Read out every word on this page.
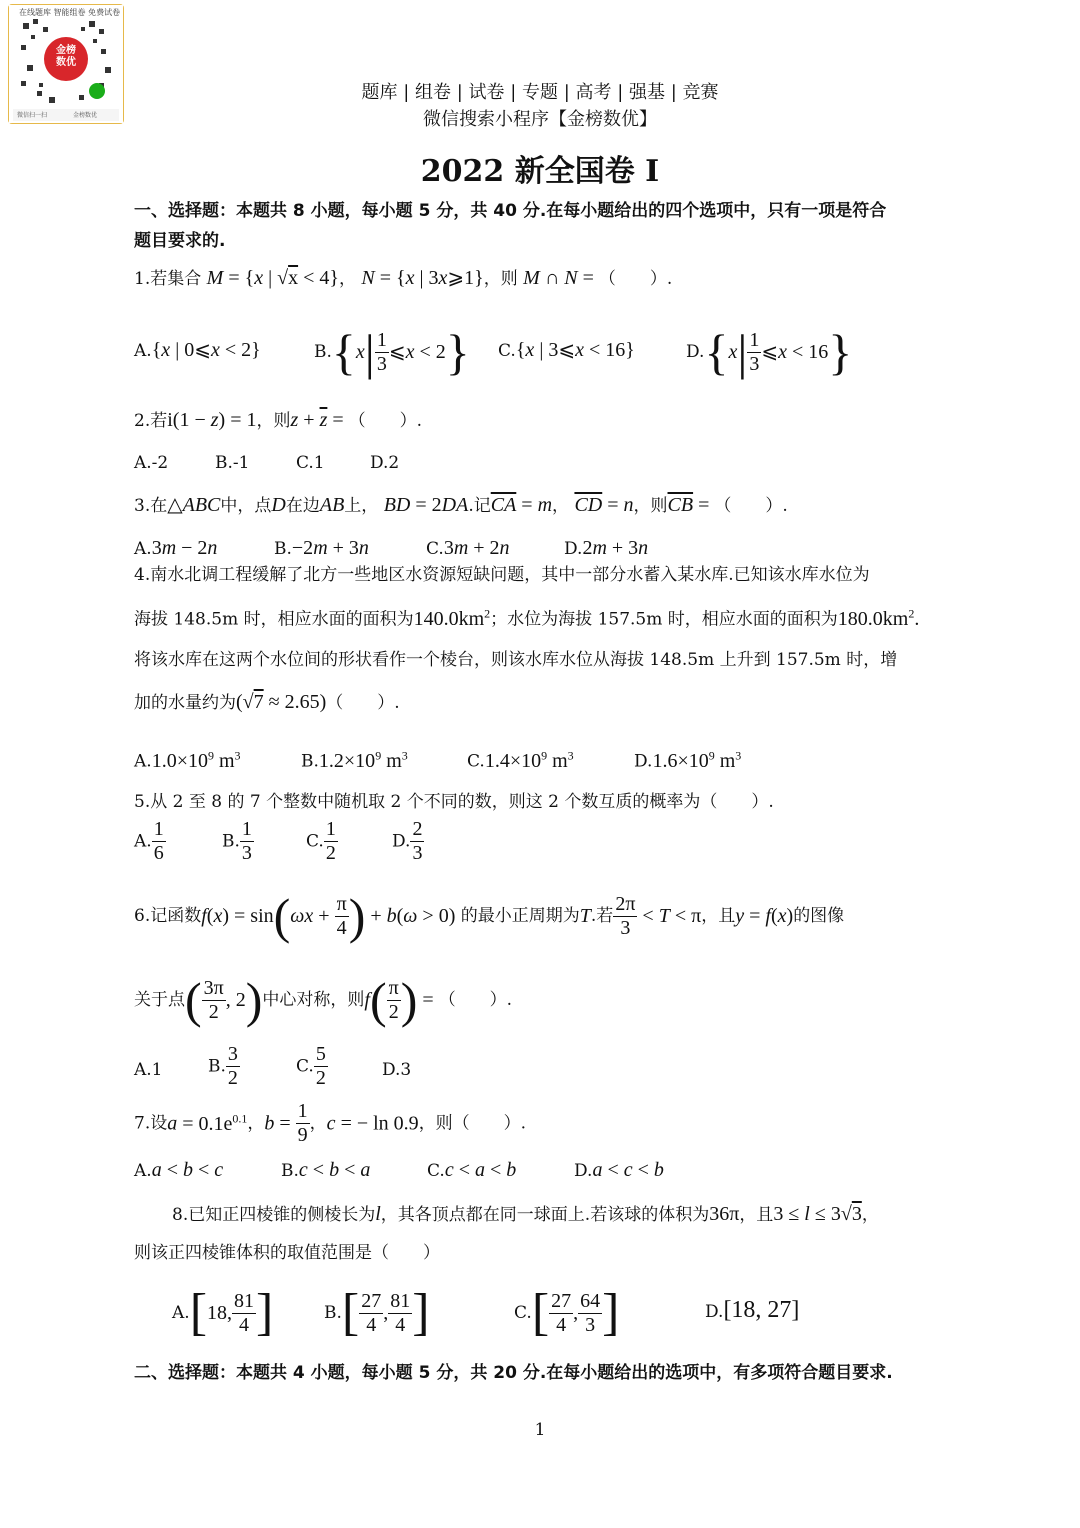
在线题库 智能组卷 免费试卷
金榜
数优
微信扫一扫	金榜数优
题库 | 组卷 | 试卷 | 专题 | 高考 | 强基 | 竞赛
微信搜索小程序【金榜数优】
2022 新全国卷 I
一、选择题：本题共 8 小题，每小题 5 分，共 40 分.在每小题给出的四个选项中，只有一项是符合
题目要求的.
1.若集合 M = {x | √x < 4}， N = {x | 3x⩾1}，则 M ∩ N = （　　）.
A.{x | 0⩽x < 2}	$B.\{x| \frac{1}{3}$ ⩽x < 2} C.{x | 3⩽x < 16}	$D.\{x| \frac{1}{3}$ ⩽x < 16}
2.若i(1 − z) = 1，则$z + \overline{z}$ = （　　）.
A.-2	B.-1	C.1	D.2
3.在△ABC中，点D在边AB上， BD = 2DA.记$\overline{CA} = m$， $\overline{CD} = n$，则$\overline{CB}$ = （　　）.
A.3m − 2n	B.−2m + 3n	C.3m + 2n	D.2m + 3n
4.南水北调工程缓解了北方一些地区水资源短缺问题，其中一部分水蓄入某水库.已知该水库水位为
海拔 148.5m 时，相应水面的面积为$140.0km^2$；水位为海拔 157.5m 时，相应水面的面积为$180.0km^2$.
将该水库在这两个水位间的形状看作一个棱台，则该水库水位从海拔 148.5m 上升到 157.5m 时，增
加的水量约为(√7 ≈ 2.65)（　　）.
$A.1.0\times 10^9$ $m^3$	$B.1.2\times 10^9$ $m^3$	$C.1.4\times 10^9$ $m^3$	$D.1.6\times 10^9$ $m^3$
5.从 2 至 8 的 7 个整数中随机取 2 个不同的数，则这 2 个数互质的概率为（　　）.
A. $\frac{1}{6}$	B. $\frac{1}{3}$	C. $\frac{1}{2}$	D. $\frac{2}{3}$
6.记函数$f(x) = \sin(\omega x + \frac{\pi}{4}$ ) + b(ω > 0) 的最小正周期为T.若 $\frac{2\pi}{3} < T < \pi$，且y = f(x)的图像
关于点( $\frac{3\pi}{2}$ , 2)中心对称，则$f( \frac{\pi}{2}$ ) = （　　）.
A.1	B. $\frac{3}{2}$	C. $\frac{5}{2}$	D.3
7.设$a = 0.1e^{0.1}$，$b = \frac{1}{9}$ ，c = − ln 0.9，则（　　）.
A.a < b < c	B.c < b < a	C.c < a < b	D.a < c < b
8.已知正四棱锥的侧棱长为l，其各顶点都在同一球面上.若该球的体积为36π，且3 ≤ l ≤ 3√3，
则该正四棱锥体积的取值范围是（　　）
A.[18, $\frac{81}{4}$ ]	$B.[ \frac{27}{4}$ , $\frac{81}{4}$ ]	$C.[ \frac{27}{4}$ , $\frac{64}{3}$ ]	D.[18, 27]
二、选择题：本题共 4 小题，每小题 5 分，共 20 分.在每小题给出的选项中，有多项符合题目要求.
1
